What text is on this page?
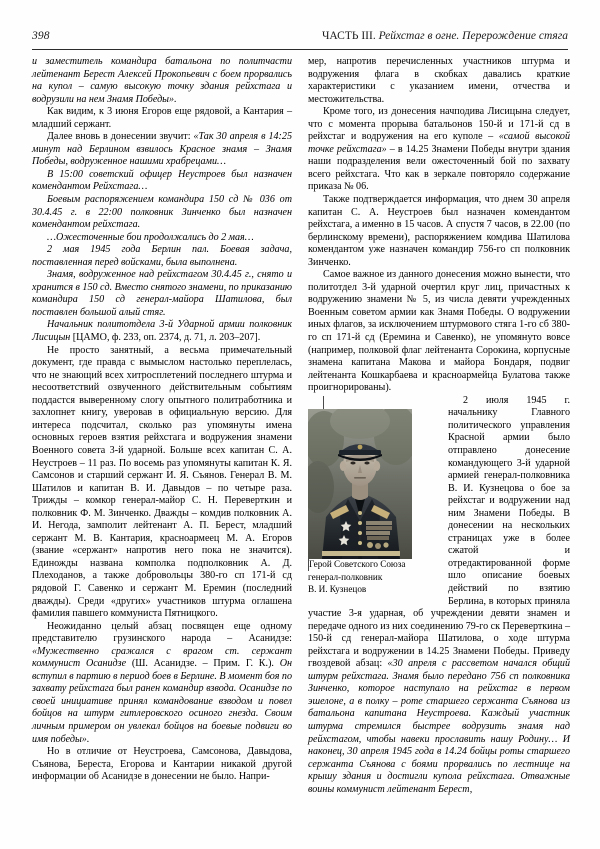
398	ЧАСТЬ III. Рейхстаг в огне. Перерождение стяга

и заместитель командира батальона по политчасти лейтенант Берест Алексей Прокопьевич с боем прорвались на купол – самую высокую точку здания рейхстага и водрузили на нем Знамя Победы».

Как видим, к 3 июня Егоров еще рядовой, а Кантария – младший сержант.

Далее вновь в донесении звучит: «Так 30 апреля в 14:25 минут над Берлином взвилось Красное знамя – Знамя Победы, водруженное нашими храбрецами…

В 15:00 советский офицер Неустроев был назначен комендантом Рейхстага…

Боевым распоряжением командира 150 сд № 036 от 30.4.45 г. в 22:00 полковник Зинченко был назначен комендантом рейхстага.

…Ожесточенные бои продолжались до 2 мая…

2 мая 1945 года Берлин пал. Боевая задача, поставленная перед войсками, была выполнена.

Знамя, водруженное над рейхстагом 30.4.45 г., снято и хранится в 150 сд. Вместо снятого знамени, по приказанию командира 150 сд генерал-майора Шатилова, был поставлен большой алый стяг.

Начальник политотдела 3-й Ударной армии полковник Лисицын [ЦАМО, ф. 233, оп. 2374, д. 71, л. 203–207].

Не просто занятный, а весьма примечательный документ, где правда с вымыслом настолько переплелась, что не знающий всех хитросплетений последнего штурма и несоответствий озвученного действительным событиям поддастся выверенному слогу опытного политработника и захлопнет книгу, уверовав в официальную версию. Для интереса подсчитал, сколько раз упомянуты имена основных героев взятия рейхстага и водружения знамени Военного совета 3-й ударной. Больше всех капитан С. А. Неустроев – 11 раз. По восемь раз упомянуты капитан К. Я. Самсонов и старший сержант И. Я. Съянов. Генерал В. М. Шатилов и капитан В. И. Давыдов – по четыре раза. Трижды – комкор генерал-майор С. Н. Переверткин и полковник Ф. М. Зинченко. Дважды – комдив полковник А. И. Негода, замполит лейтенант А. П. Берест, младший сержант М. В. Кантария, красноармеец М. А. Егоров (звание «сержант» напротив него пока не значится). Единожды названа комполка подполковник А. Д. Плеходанов, а также добровольцы 380-го сп 171-й сд рядовой Г. Савенко и сержант М. Еремин (последний дважды). Среди «других» участников штурма оглашена фамилия павшего коммуниста Пятницкого.

Неожиданно целый абзац посвящен еще одному представителю грузинского народа – Асанидзе: «Мужественно сражался с врагом ст. сержант коммунист Осанидзе (Ш. Асанидзе. – Прим. Г. К.). Он вступил в партию в период боев в Берлине. В момент боя по захвату рейхстага был ранен командир взвода. Осанидзе по своей инициативе принял командование взводом и повел бойцов на штурм гитлеровского осиного гнезда. Своим личным примером он увлекал бойцов на боевые подвиги во имя победы».

Но в отличие от Неустроева, Самсонова, Давыдова, Съянова, Береста, Егорова и Кантарии никакой другой информации об Асанидзе в донесении не было. Напри-

мер, напротив перечисленных участников штурма и водружения флага в скобках давались краткие характеристики с указанием имени, отчества и местожительства.

Кроме того, из донесения начподива Лисицына следует, что с момента прорыва батальонов 150-й и 171-й сд в рейхстаг и водружения на его куполе – «самой высокой точке рейхстага» – в 14.25 Знамени Победы внутри здания наши подразделения вели ожесточенный бой по захвату всего рейхстага. Что как в зеркале повторяло содержание приказа № 06.

Также подтверждается информация, что днем 30 апреля капитан С. А. Неустроев был назначен комендантом рейхстага, а именно в 15 часов. А спустя 7 часов, в 22.00 (по берлинскому времени), распоряжением комдива Шатилова комендантом уже назначен командир 756-го сп полковник Зинченко.

Самое важное из данного донесения можно вынести, что политотдел 3-й ударной очертил круг лиц, причастных к водружению знамени № 5, из числа девяти учрежденных Военным советом армии как Знамя Победы. О водружении иных флагов, за исключением штурмового стяга 1-го сб 380-го сп 171-й сд (Еремина и Савенко), не упомянуто вовсе (например, полковой флаг лейтенанта Сорокина, корпусные знамена капитана Макова и майора Бондаря, подвиг лейтенанта Кошкарбаева и красноармейца Булатова также проигнорированы).

Герой Советского Союза
генерал-полковник
В. И. Кузнецов
2 июля 1945 г. начальнику Главного политического управления Красной армии было отправлено донесение командующего 3-й ударной армией генерал-полковника В. И. Кузнецова о бое за рейхстаг и водружении над ним Знамени Победы. В донесении на нескольких страницах уже в более сжатой и отредактированной форме шло описание боевых действий по взятию Берлина, в которых приняла участие 3-я ударная, об учреждении девяти знамен и передаче одного из них соединению 79-го ск Переверткина – 150-й сд генерал-майора Шатилова, о ходе штурма рейхстага и водружении в 14.25 Знамени Победы. Приведу гвоздевой абзац: «30 апреля с рассветом начался общий штурм рейхстага. Знамя было передано 756 сп полковника Зинченко, которое наступало на рейхстаг в первом эшелоне, а в полку – роте старшего сержанта Съянова из батальона капитана Неустроева. Каждый участник штурма стремился быстрее водрузить знамя над рейхстагом, чтобы навеки прославить нашу Родину… И наконец, 30 апреля 1945 года в 14.24 бойцы роты старшего сержанта Съянова с боями прорвались по лестнице на крышу здания и достигли купола рейхстага. Отважные воины коммунист лейтенант Берест,
